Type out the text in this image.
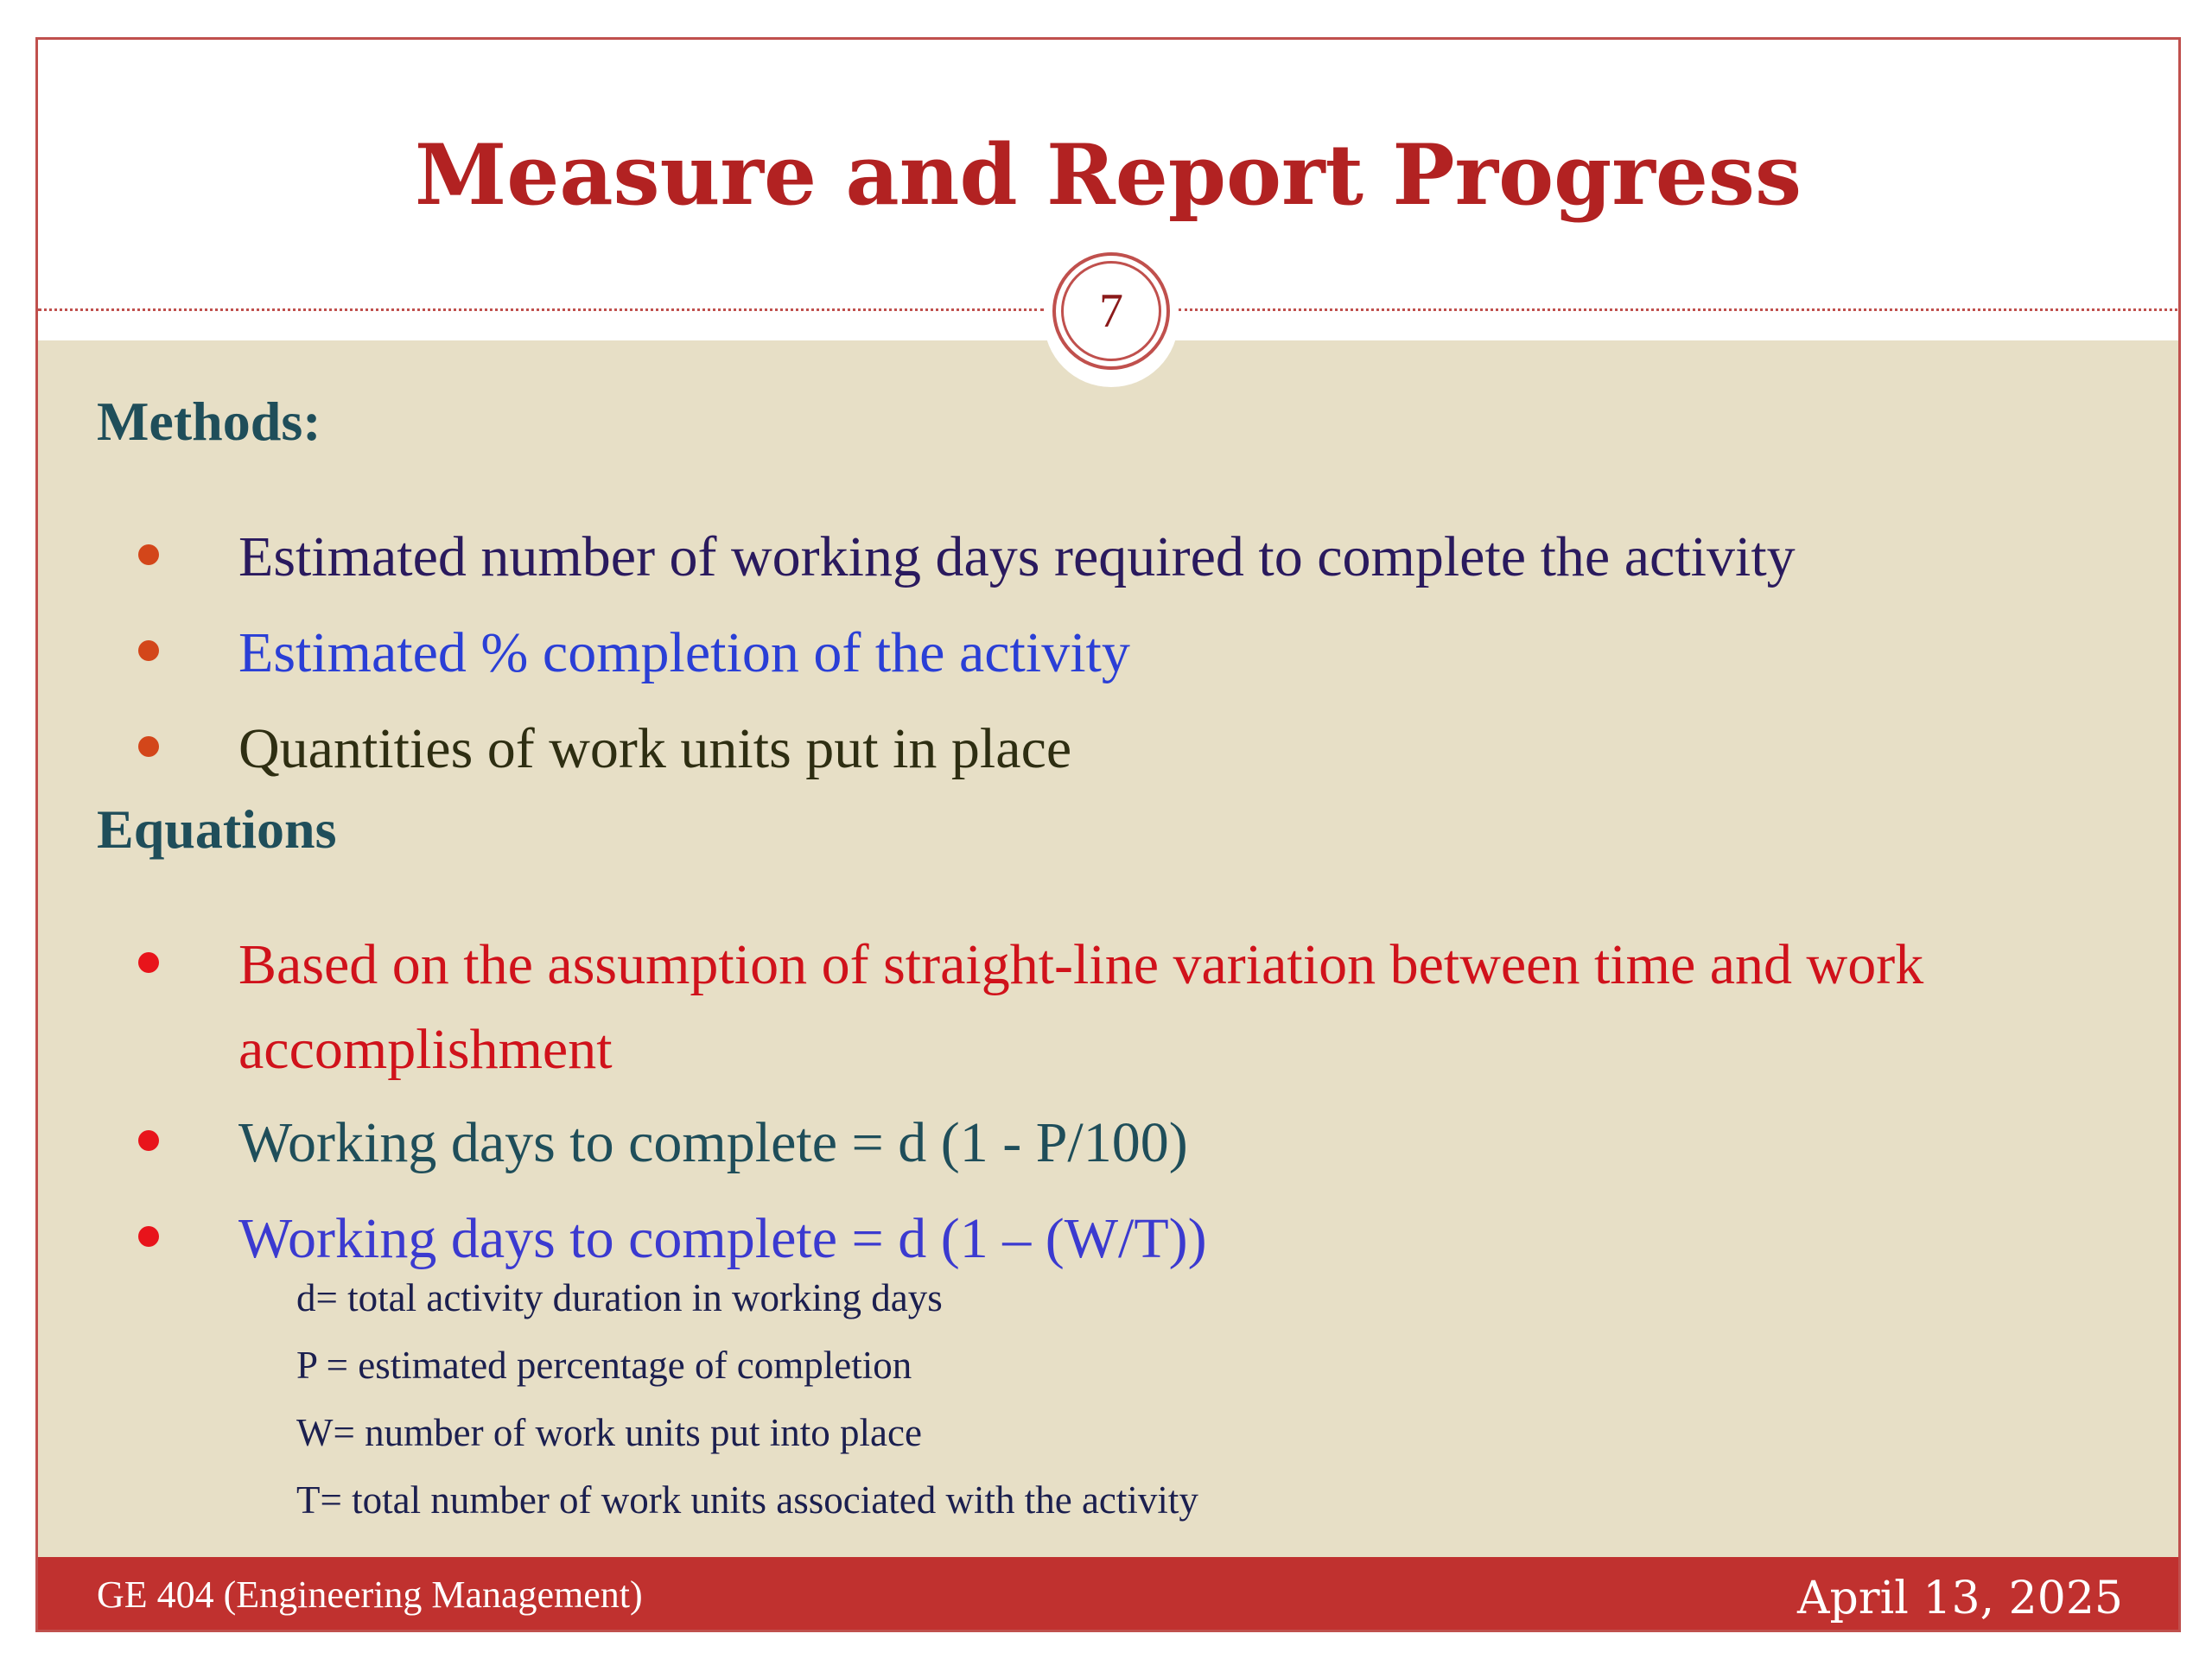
Measure and Report Progress
7
Methods:
Estimated number of working days required to complete the activity
Estimated % completion of the activity
Quantities of work units put in place
Equations
Based on the assumption of straight-line variation between time and work accomplishment
Working days to complete = d (1 - P/100)
Working days to complete = d (1 – (W/T))

d= total activity duration in working days

P = estimated percentage of completion

W= number of work units put into place

T= total number of work units associated with the activity

GE 404 (Engineering Management)	April 13, 2025
